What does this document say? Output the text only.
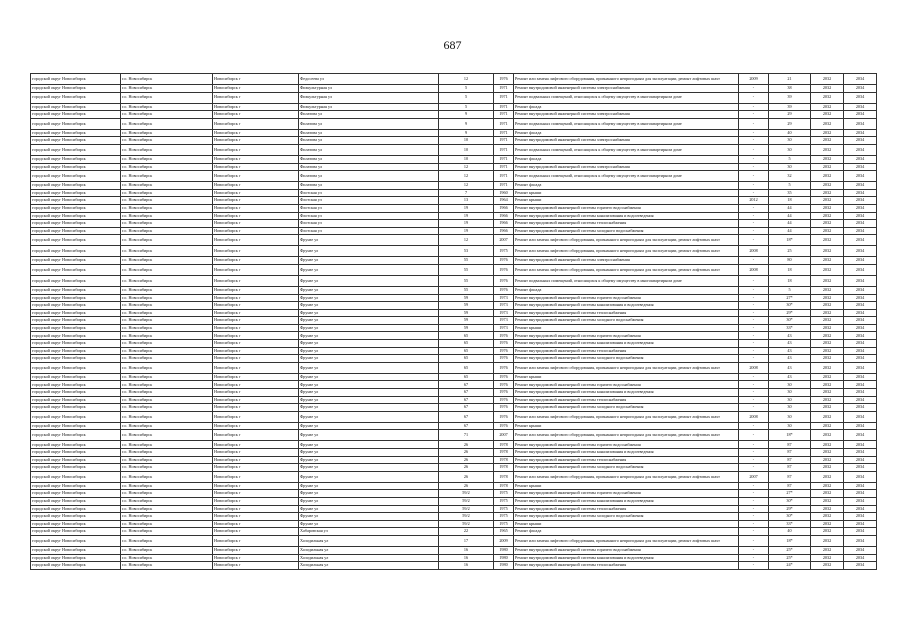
687
городской округ Новосибирск	г.о. Новосибирск	Новосибирск г	Федосеева ул	12	1976	Ремонт или замена лифтового оборудования, признанного непригодным для эксплуатации, ремонт лифтовых шахт	2009	21	2032	2034
городской округ Новосибирск	г.о. Новосибирск	Новосибирск г	Физкультурная ул	5	1971	Ремонт внутридомовой инженерной системы электроснабжения	-	38	2032	2034
городской округ Новосибирск	г.о. Новосибирск	Новосибирск г	Физкультурная ул	5	1971	Ремонт подвальных помещений, относящихся к общему имуществу в многоквартирном доме	-	39	2032	2034
городской округ Новосибирск	г.о. Новосибирск	Новосибирск г	Физкультурная ул	5	1971	Ремонт фасада	-	39	2032	2034
городской округ Новосибирск	г.о. Новосибирск	Новосибирск г	Филатова ул	9	1971	Ремонт внутридомовой инженерной системы электроснабжения	-	29	2032	2034
городской округ Новосибирск	г.о. Новосибирск	Новосибирск г	Филатова ул	9	1971	Ремонт подвальных помещений, относящихся к общему имуществу в многоквартирном доме	-	29	2032	2034
городской округ Новосибирск	г.о. Новосибирск	Новосибирск г	Филатова ул	9	1971	Ремонт фасада	-	40	2032	2034
городской округ Новосибирск	г.о. Новосибирск	Новосибирск г	Филатова ул	10	1971	Ремонт внутридомовой инженерной системы электроснабжения	-	30	2032	2034
городской округ Новосибирск	г.о. Новосибирск	Новосибирск г	Филатова ул	10	1971	Ремонт подвальных помещений, относящихся к общему имуществу в многоквартирном доме	-	30	2032	2034
городской округ Новосибирск	г.о. Новосибирск	Новосибирск г	Филатова ул	10	1971	Ремонт фасада	-	5	2032	2034
городской округ Новосибирск	г.о. Новосибирск	Новосибирск г	Филатова ул	12	1971	Ремонт внутридомовой инженерной системы электроснабжения	-	30	2032	2034
городской округ Новосибирск	г.о. Новосибирск	Новосибирск г	Филатова ул	12	1971	Ремонт подвальных помещений, относящихся к общему имуществу в многоквартирном доме	-	32	2032	2034
городской округ Новосибирск	г.о. Новосибирск	Новосибирск г	Филатова ул	12	1971	Ремонт фасада	-	5	2032	2034
городской округ Новосибирск	г.о. Новосибирск	Новосибирск г	Флотская ул	7	1960	Ремонт крыши	-	35	2032	2034
городской округ Новосибирск	г.о. Новосибирск	Новосибирск г	Флотская ул	13	1964	Ремонт крыши	2012	18	2032	2034
городской округ Новосибирск	г.о. Новосибирск	Новосибирск г	Флотская ул	19	1966	Ремонт внутридомовой инженерной системы горячего водоснабжения	-	44	2032	2034
городской округ Новосибирск	г.о. Новосибирск	Новосибирск г	Флотская ул	19	1966	Ремонт внутридомовой инженерной системы канализования и водоотведения	-	44	2032	2034
городской округ Новосибирск	г.о. Новосибирск	Новосибирск г	Флотская ул	19	1966	Ремонт внутридомовой инженерной системы теплоснабжения	-	44	2032	2034
городской округ Новосибирск	г.о. Новосибирск	Новосибирск г	Флотская ул	19	1966	Ремонт внутридомовой инженерной системы холодного водоснабжения	-	44	2032	2034
городской округ Новосибирск	г.о. Новосибирск	Новосибирск г	Фрунзе ул	12	2007	Ремонт или замена лифтового оборудования, признанного непригодным для эксплуатации, ремонт лифтовых шахт	-	18*	2032	2034
городской округ Новосибирск	г.о. Новосибирск	Новосибирск г	Фрунзе ул	53	1975	Ремонт или замена лифтового оборудования, признанного непригодным для эксплуатации, ремонт лифтовых шахт	2008	25	2032	2034
городской округ Новосибирск	г.о. Новосибирск	Новосибирск г	Фрунзе ул	55	1976	Ремонт внутридомовой инженерной системы электроснабжения	-	80	2032	2034
городской округ Новосибирск	г.о. Новосибирск	Новосибирск г	Фрунзе ул	55	1976	Ремонт или замена лифтового оборудования, признанного непригодным для эксплуатации, ремонт лифтовых шахт	2008	18	2032	2034
городской округ Новосибирск	г.о. Новосибирск	Новосибирск г	Фрунзе ул	55	1976	Ремонт подвальных помещений, относящихся к общему имуществу в многоквартирном доме	-	18	2032	2034
городской округ Новосибирск	г.о. Новосибирск	Новосибирск г	Фрунзе ул	55	1976	Ремонт фасада	-	5	2032	2034
городской округ Новосибирск	г.о. Новосибирск	Новосибирск г	Фрунзе ул	59	1973	Ремонт внутридомовой инженерной системы горячего водоснабжения	-	27*	2032	2034
городской округ Новосибирск	г.о. Новосибирск	Новосибирск г	Фрунзе ул	59	1973	Ремонт внутридомовой инженерной системы канализования и водоотведения	-	30*	2032	2034
городской округ Новосибирск	г.о. Новосибирск	Новосибирск г	Фрунзе ул	59	1973	Ремонт внутридомовой инженерной системы теплоснабжения	-	29*	2032	2034
городской округ Новосибирск	г.о. Новосибирск	Новосибирск г	Фрунзе ул	59	1973	Ремонт внутридомовой инженерной системы холодного водоснабжения	-	30*	2032	2034
городской округ Новосибирск	г.о. Новосибирск	Новосибирск г	Фрунзе ул	59	1973	Ремонт крыши	-	33*	2032	2034
городской округ Новосибирск	г.о. Новосибирск	Новосибирск г	Фрунзе ул	65	1976	Ремонт внутридомовой инженерной системы горячего водоснабжения	-	43	2032	2034
городской округ Новосибирск	г.о. Новосибирск	Новосибирск г	Фрунзе ул	65	1976	Ремонт внутридомовой инженерной системы канализования и водоотведения	-	43	2032	2034
городской округ Новосибирск	г.о. Новосибирск	Новосибирск г	Фрунзе ул	65	1976	Ремонт внутридомовой инженерной системы теплоснабжения	-	43	2032	2034
городской округ Новосибирск	г.о. Новосибирск	Новосибирск г	Фрунзе ул	65	1976	Ремонт внутридомовой инженерной системы холодного водоснабжения	-	43	2032	2034
городской округ Новосибирск	г.о. Новосибирск	Новосибирск г	Фрунзе ул	65	1976	Ремонт или замена лифтового оборудования, признанного непригодным для эксплуатации, ремонт лифтовых шахт	2008	43	2032	2034
городской округ Новосибирск	г.о. Новосибирск	Новосибирск г	Фрунзе ул	65	1976	Ремонт крыши	-	43	2032	2034
городской округ Новосибирск	г.о. Новосибирск	Новосибирск г	Фрунзе ул	67	1976	Ремонт внутридомовой инженерной системы горячего водоснабжения	-	30	2032	2034
городской округ Новосибирск	г.о. Новосибирск	Новосибирск г	Фрунзе ул	67	1976	Ремонт внутридомовой инженерной системы канализования и водоотведения	-	30	2032	2034
городской округ Новосибирск	г.о. Новосибирск	Новосибирск г	Фрунзе ул	67	1976	Ремонт внутридомовой инженерной системы теплоснабжения	-	30	2032	2034
городской округ Новосибирск	г.о. Новосибирск	Новосибирск г	Фрунзе ул	67	1976	Ремонт внутридомовой инженерной системы холодного водоснабжения	-	30	2032	2034
городской округ Новосибирск	г.о. Новосибирск	Новосибирск г	Фрунзе ул	67	1976	Ремонт или замена лифтового оборудования, признанного непригодным для эксплуатации, ремонт лифтовых шахт	2008	30	2032	2034
городской округ Новосибирск	г.о. Новосибирск	Новосибирск г	Фрунзе ул	67	1976	Ремонт крыши	-	30	2032	2034
городской округ Новосибирск	г.о. Новосибирск	Новосибирск г	Фрунзе ул	71	2007	Ремонт или замена лифтового оборудования, признанного непригодным для эксплуатации, ремонт лифтовых шахт	-	18*	2032	2034
городской округ Новосибирск	г.о. Новосибирск	Новосибирск г	Фрунзе ул	26	1978	Ремонт внутридомовой инженерной системы горячего водоснабжения	-	87	2032	2034
городской округ Новосибирск	г.о. Новосибирск	Новосибирск г	Фрунзе ул	26	1978	Ремонт внутридомовой инженерной системы канализования и водоотведения	-	87	2032	2034
городской округ Новосибирск	г.о. Новосибирск	Новосибирск г	Фрунзе ул	26	1978	Ремонт внутридомовой инженерной системы теплоснабжения	-	87	2032	2034
городской округ Новосибирск	г.о. Новосибирск	Новосибирск г	Фрунзе ул	26	1978	Ремонт внутридомовой инженерной системы холодного водоснабжения	-	87	2032	2034
городской округ Новосибирск	г.о. Новосибирск	Новосибирск г	Фрунзе ул	26	1978	Ремонт или замена лифтового оборудования, признанного непригодным для эксплуатации, ремонт лифтовых шахт	2007	87	2032	2034
городской округ Новосибирск	г.о. Новосибирск	Новосибирск г	Фрунзе ул	26	1978	Ремонт крыши	-	87	2032	2034
городской округ Новосибирск	г.о. Новосибирск	Новосибирск г	Фрунзе ул	59/2	1975	Ремонт внутридомовой инженерной системы горячего водоснабжения	-	27*	2032	2034
городской округ Новосибирск	г.о. Новосибирск	Новосибирск г	Фрунзе ул	59/2	1975	Ремонт внутридомовой инженерной системы канализования и водоотведения	-	30*	2032	2034
городской округ Новосибирск	г.о. Новосибирск	Новосибирск г	Фрунзе ул	59/2	1975	Ремонт внутридомовой инженерной системы теплоснабжения	-	29*	2032	2034
городской округ Новосибирск	г.о. Новосибирск	Новосибирск г	Фрунзе ул	59/2	1975	Ремонт внутридомовой инженерной системы холодного водоснабжения	-	30*	2032	2034
городской округ Новосибирск	г.о. Новосибирск	Новосибирск г	Фрунзе ул	59/2	1975	Ремонт крыши	-	33*	2032	2034
городской округ Новосибирск	г.о. Новосибирск	Новосибирск г	Хабаровская ул	22	1965	Ремонт фасада	-	40	2032	2034
городской округ Новосибирск	г.о. Новосибирск	Новосибирск г	Холодильная ул	17	2009	Ремонт или замена лифтового оборудования, признанного непригодным для эксплуатации, ремонт лифтовых шахт	-	18*	2032	2034
городской округ Новосибирск	г.о. Новосибирск	Новосибирск г	Холодильная ул	16	1980	Ремонт внутридомовой инженерной системы горячего водоснабжения	-	25*	2032	2034
городской округ Новосибирск	г.о. Новосибирск	Новосибирск г	Холодильная ул	16	1980	Ремонт внутридомовой инженерной системы канализования и водоотведения	-	25*	2032	2034
городской округ Новосибирск	г.о. Новосибирск	Новосибирск г	Холодильная ул	16	1980	Ремонт внутридомовой инженерной системы теплоснабжения	-	24*	2032	2034
